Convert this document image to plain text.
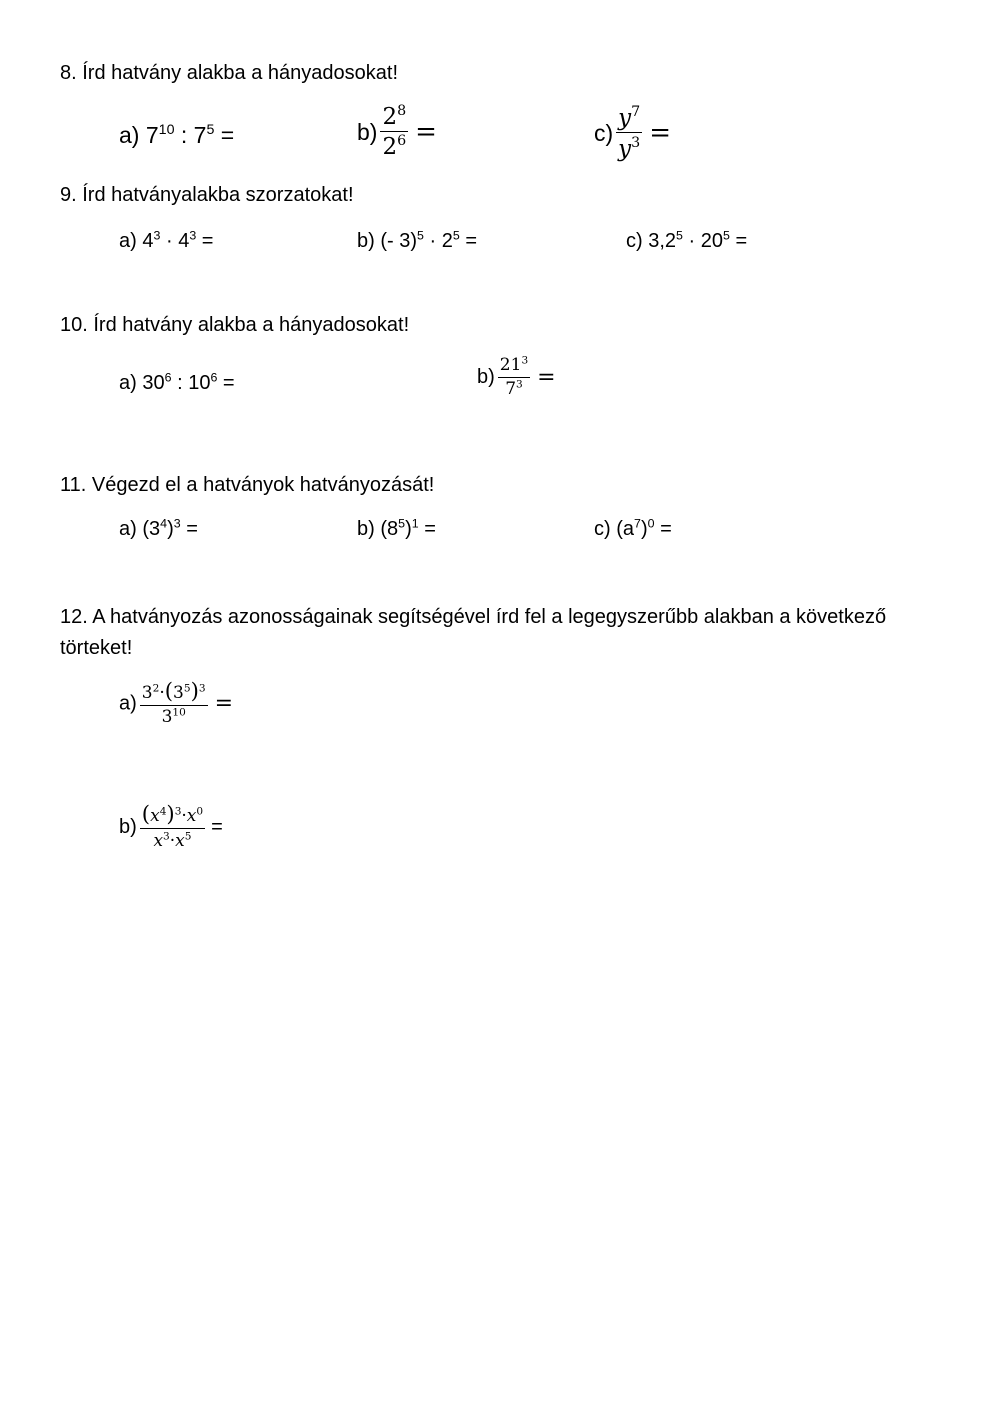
8. Írd hatvány alakba a hányadosokat!
a) $7^{10}$ : $7^5$ =	$b) \frac{2^8}{2^6}$ =	$c) \frac{y^7}{y^3}$ =
9. Írd hatványalakba szorzatokat!
a) $4^3 \cdot 4^3$ =	b) (- $3)^5 \cdot 2^5$ =	c) $3,2^5 \cdot 20^5$ =
10. Írd hatvány alakba a hányadosokat!
a) $30^6$ : $10^6$ =	$b) \frac{21^3}{7^3}$ =
11. Végezd el a hatványok hatványozását!
a) $(3^4)^3$ =	b) $(8^5)^1$ =	c) $(a^7)^0$ =
12. A hatványozás azonosságainak segítségével írd fel a legegyszerűbb alakban a következő
törteket!
$a) \frac{3^2\cdot(3^5)^3}{3^{10}}$ =
$b) \frac{(x^4)^3\cdot x^0}{x^3\cdot x^5}$ =
